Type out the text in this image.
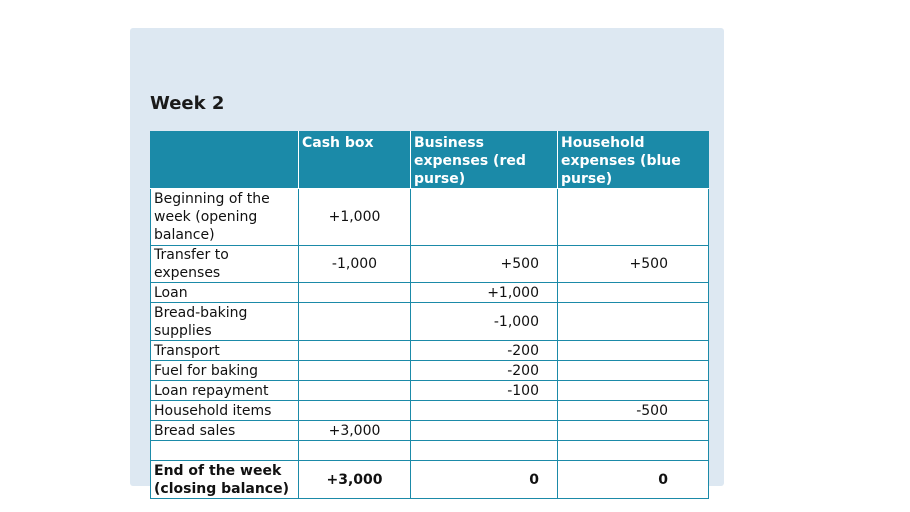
Week 2
	Cash box	Business expenses (red purse)	Household expenses (blue purse)
Beginning of the week (opening balance)	+1,000		
Transfer to expenses	-1,000	+500	+500
Loan		+1,000	
Bread-baking supplies		-1,000	
Transport		-200	
Fuel for baking		-200	
Loan repayment		-100	
Household items			-500
Bread sales	+3,000		

End of the week (closing balance)	+3,000	0	0
